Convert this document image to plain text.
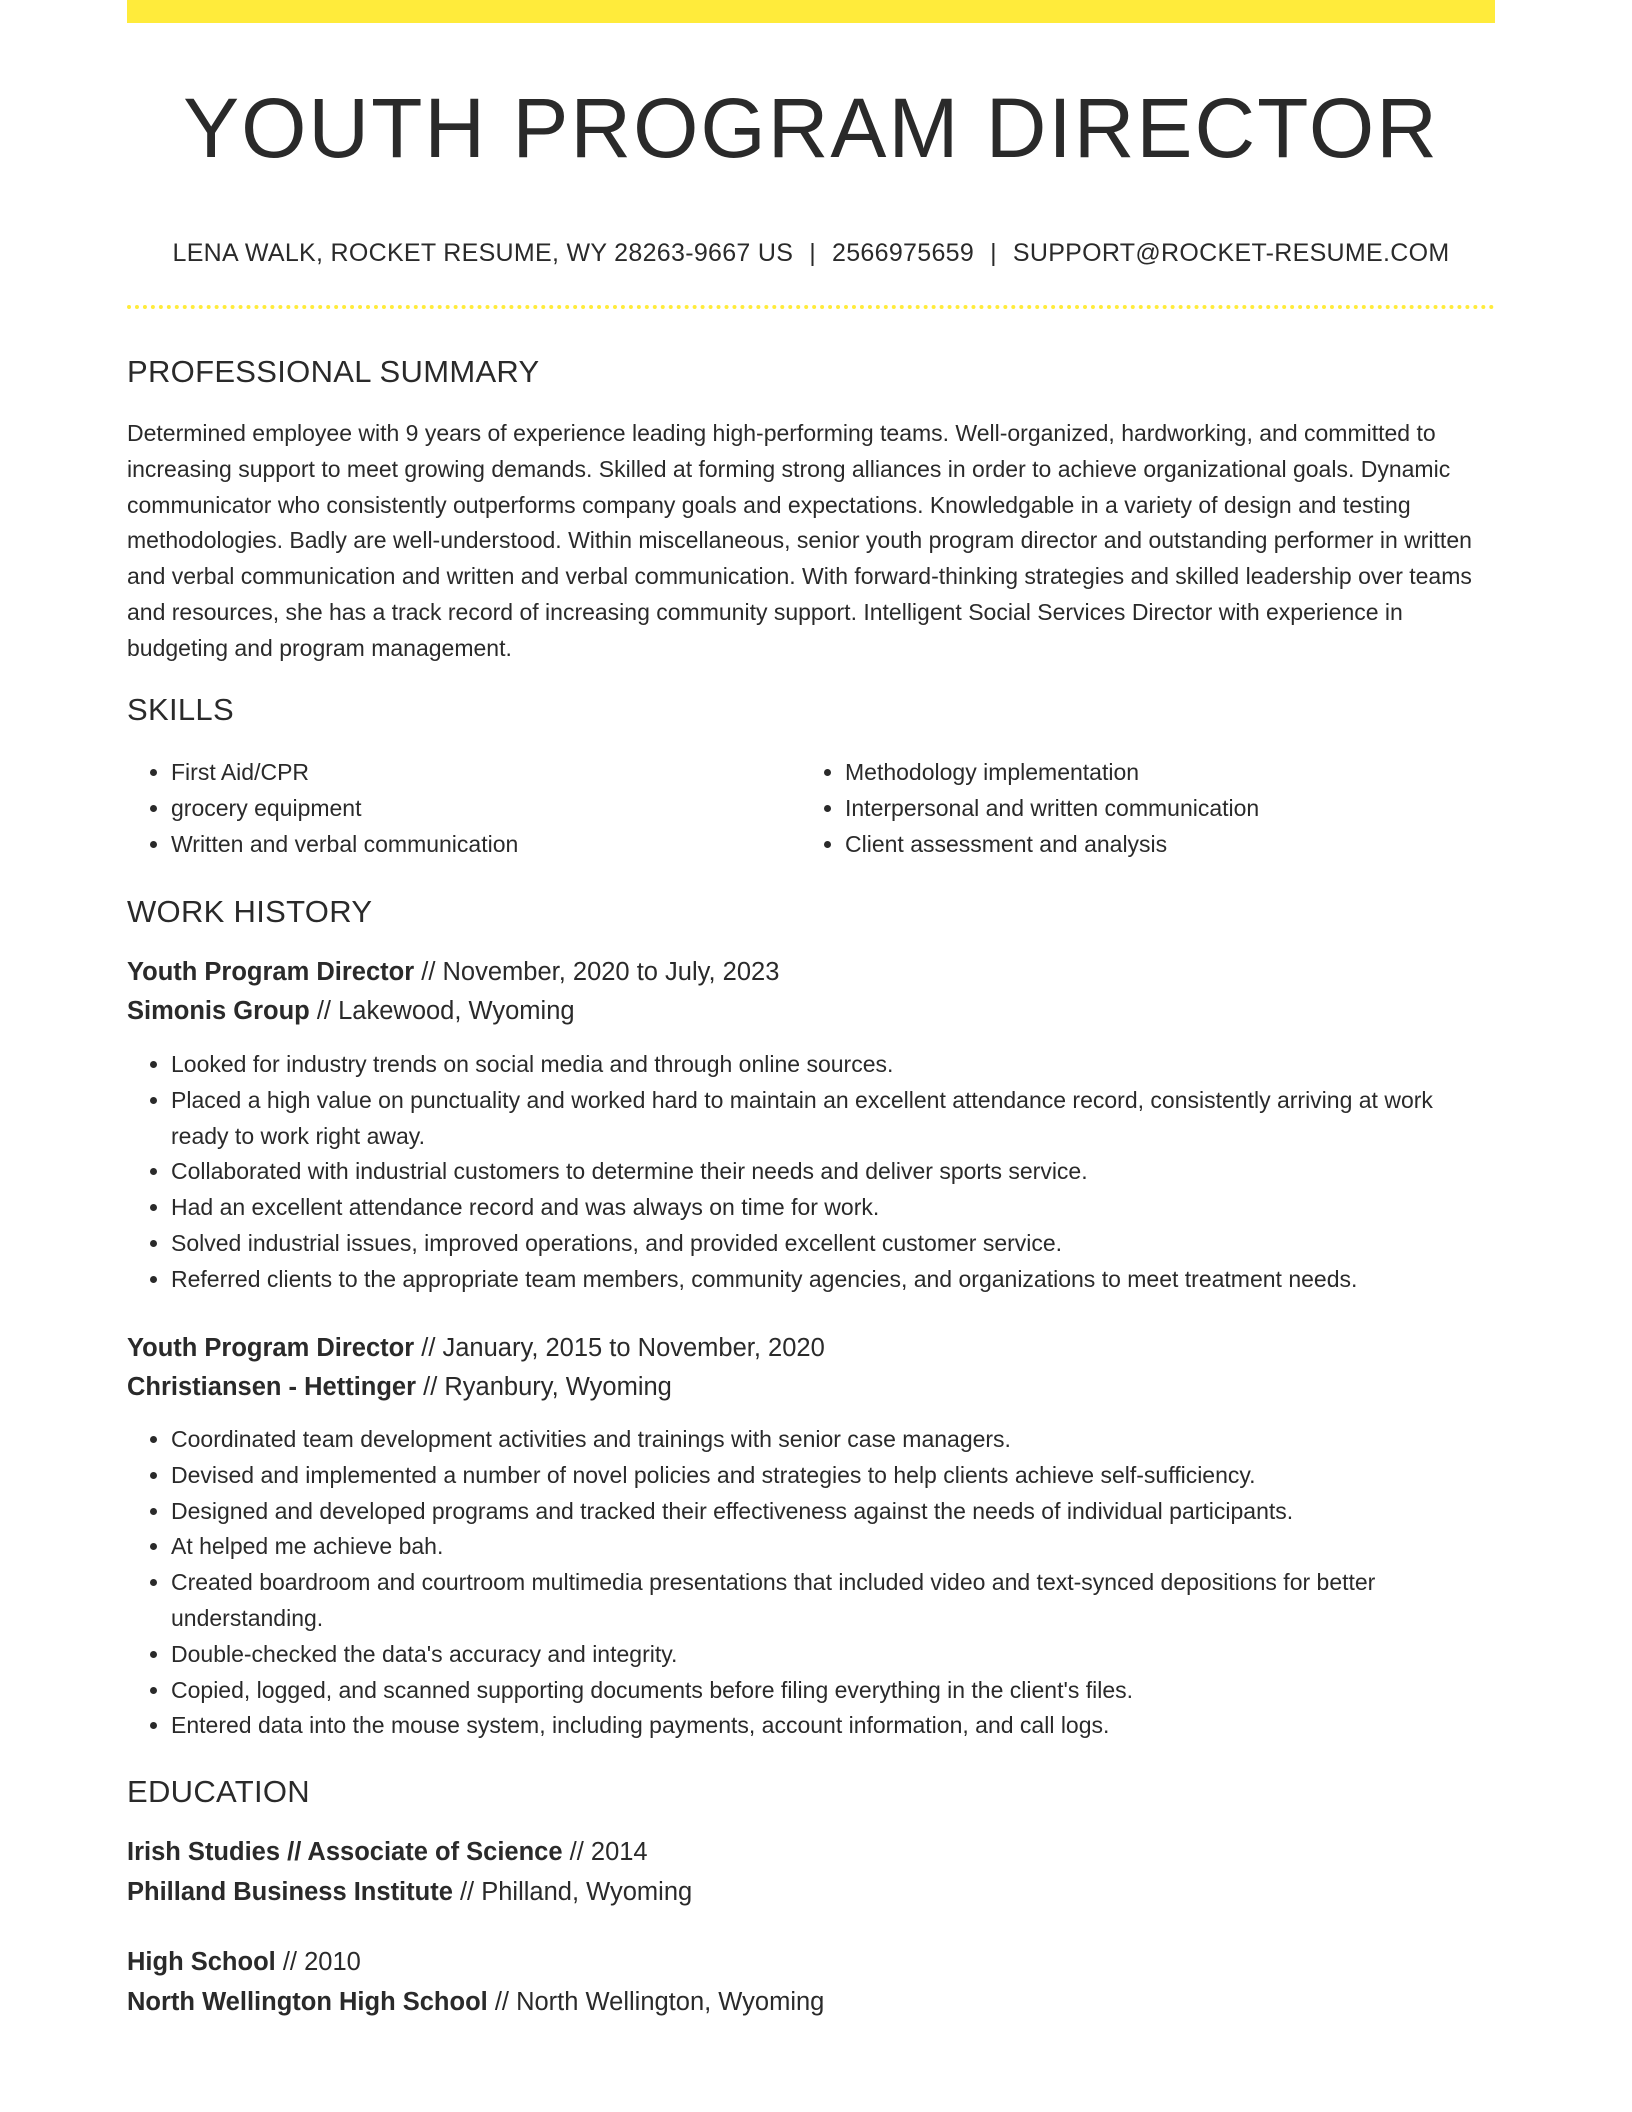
YOUTH PROGRAM DIRECTOR
LENA WALK, ROCKET RESUME, WY 28263-9667 US | 2566975659 | SUPPORT@ROCKET-RESUME.COM
PROFESSIONAL SUMMARY

Determined employee with 9 years of experience leading high-performing teams. Well-organized, hardworking, and committed to increasing support to meet growing demands. Skilled at forming strong alliances in order to achieve organizational goals. Dynamic communicator who consistently outperforms company goals and expectations. Knowledgable in a variety of design and testing methodologies. Badly are well-understood. Within miscellaneous, senior youth program director and outstanding performer in written and verbal communication and written and verbal communication. With forward-thinking strategies and skilled leadership over teams and resources, she has a track record of increasing community support. Intelligent Social Services Director with experience in budgeting and program management.

SKILLS
• First Aid/CPR
• grocery equipment
• Written and verbal communication
• Methodology implementation
• Interpersonal and written communication
• Client assessment and analysis
WORK HISTORY
Youth Program Director // November, 2020 to July, 2023
Simonis Group // Lakewood, Wyoming
• Looked for industry trends on social media and through online sources.
• Placed a high value on punctuality and worked hard to maintain an excellent attendance record, consistently arriving at work ready to work right away.
• Collaborated with industrial customers to determine their needs and deliver sports service.
• Had an excellent attendance record and was always on time for work.
• Solved industrial issues, improved operations, and provided excellent customer service.
• Referred clients to the appropriate team members, community agencies, and organizations to meet treatment needs.
Youth Program Director // January, 2015 to November, 2020
Christiansen - Hettinger // Ryanbury, Wyoming
• Coordinated team development activities and trainings with senior case managers.
• Devised and implemented a number of novel policies and strategies to help clients achieve self-sufficiency.
• Designed and developed programs and tracked their effectiveness against the needs of individual participants.
• At helped me achieve bah.
• Created boardroom and courtroom multimedia presentations that included video and text-synced depositions for better understanding.
• Double-checked the data's accuracy and integrity.
• Copied, logged, and scanned supporting documents before filing everything in the client's files.
• Entered data into the mouse system, including payments, account information, and call logs.
EDUCATION
Irish Studies // Associate of Science // 2014
Philland Business Institute // Philland, Wyoming
High School // 2010
North Wellington High School // North Wellington, Wyoming
